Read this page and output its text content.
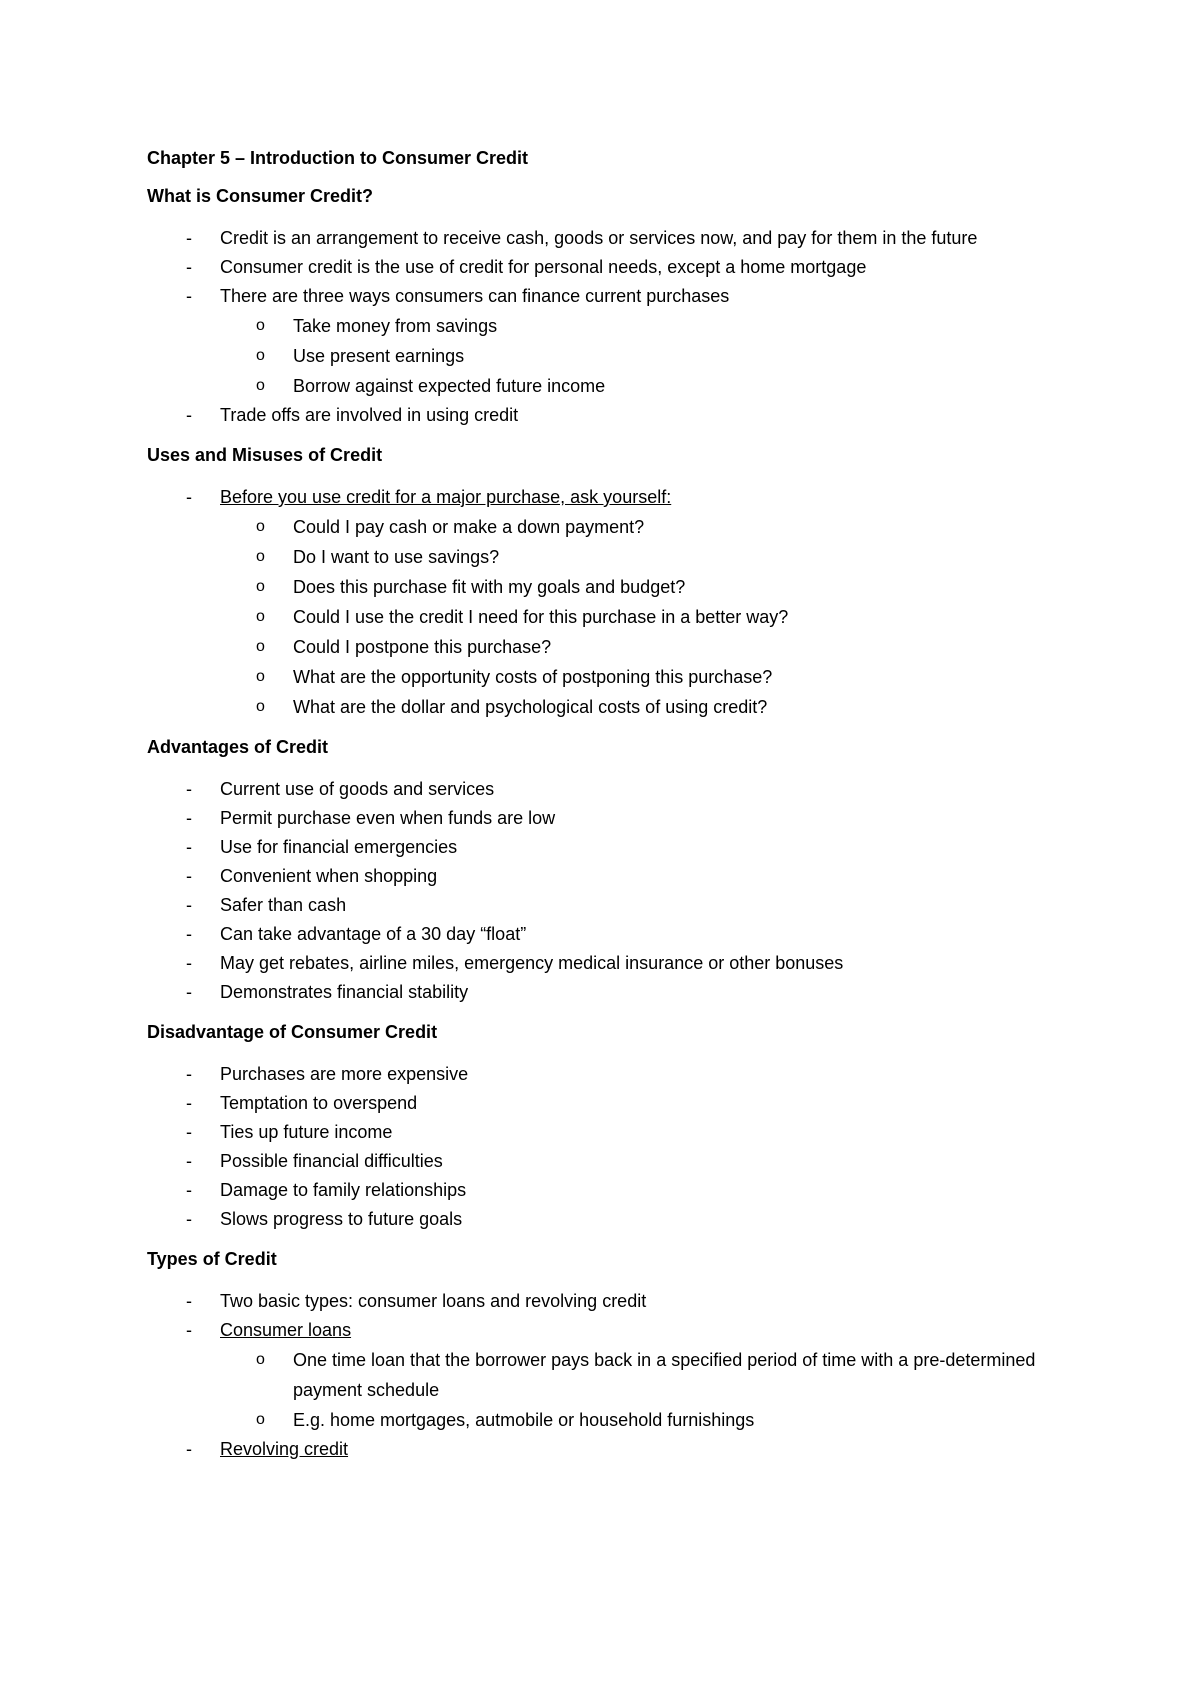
Chapter 5 – Introduction to Consumer Credit

What is Consumer Credit?

- Credit is an arrangement to receive cash, goods or services now, and pay for them in the future
- Consumer credit is the use of credit for personal needs, except a home mortgage
- There are three ways consumers can finance current purchases
o Take money from savings
o Use present earnings
o Borrow against expected future income
- Trade offs are involved in using credit

Uses and Misuses of Credit

- Before you use credit for a major purchase, ask yourself:
o Could I pay cash or make a down payment?
o Do I want to use savings?
o Does this purchase fit with my goals and budget?
o Could I use the credit I need for this purchase in a better way?
o Could I postpone this purchase?
o What are the opportunity costs of postponing this purchase?
o What are the dollar and psychological costs of using credit?

Advantages of Credit

- Current use of goods and services
- Permit purchase even when funds are low
- Use for financial emergencies
- Convenient when shopping
- Safer than cash
- Can take advantage of a 30 day “float”
- May get rebates, airline miles, emergency medical insurance or other bonuses
- Demonstrates financial stability

Disadvantage of Consumer Credit

- Purchases are more expensive
- Temptation to overspend
- Ties up future income
- Possible financial difficulties
- Damage to family relationships
- Slows progress to future goals

Types of Credit

- Two basic types: consumer loans and revolving credit
- Consumer loans
o One time loan that the borrower pays back in a specified period of time with a pre-determined payment schedule
o E.g. home mortgages, autmobile or household furnishings
- Revolving credit
